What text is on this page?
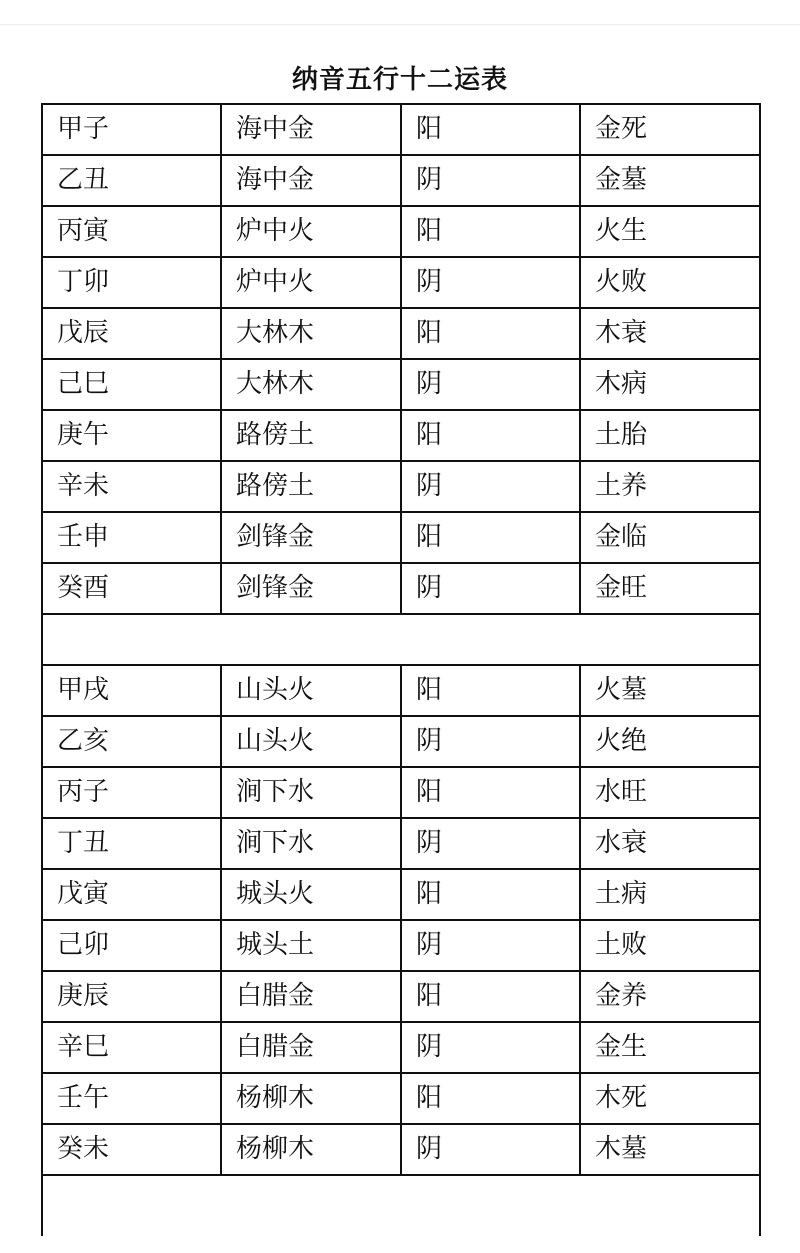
纳音五行十二运表
甲子	海中金	阳	金死
乙丑	海中金	阴	金墓
丙寅	炉中火	阳	火生
丁卯	炉中火	阴	火败
戊辰	大林木	阳	木衰
己巳	大林木	阴	木病
庚午	路傍土	阳	土胎
辛未	路傍土	阴	土养
壬申	剑锋金	阳	金临
癸酉	剑锋金	阴	金旺

甲戌	山头火	阳	火墓
乙亥	山头火	阴	火绝
丙子	涧下水	阳	水旺
丁丑	涧下水	阴	水衰
戊寅	城头火	阳	土病
己卯	城头土	阴	土败
庚辰	白腊金	阳	金养
辛巳	白腊金	阴	金生
壬午	杨柳木	阳	木死
癸未	杨柳木	阴	木墓
